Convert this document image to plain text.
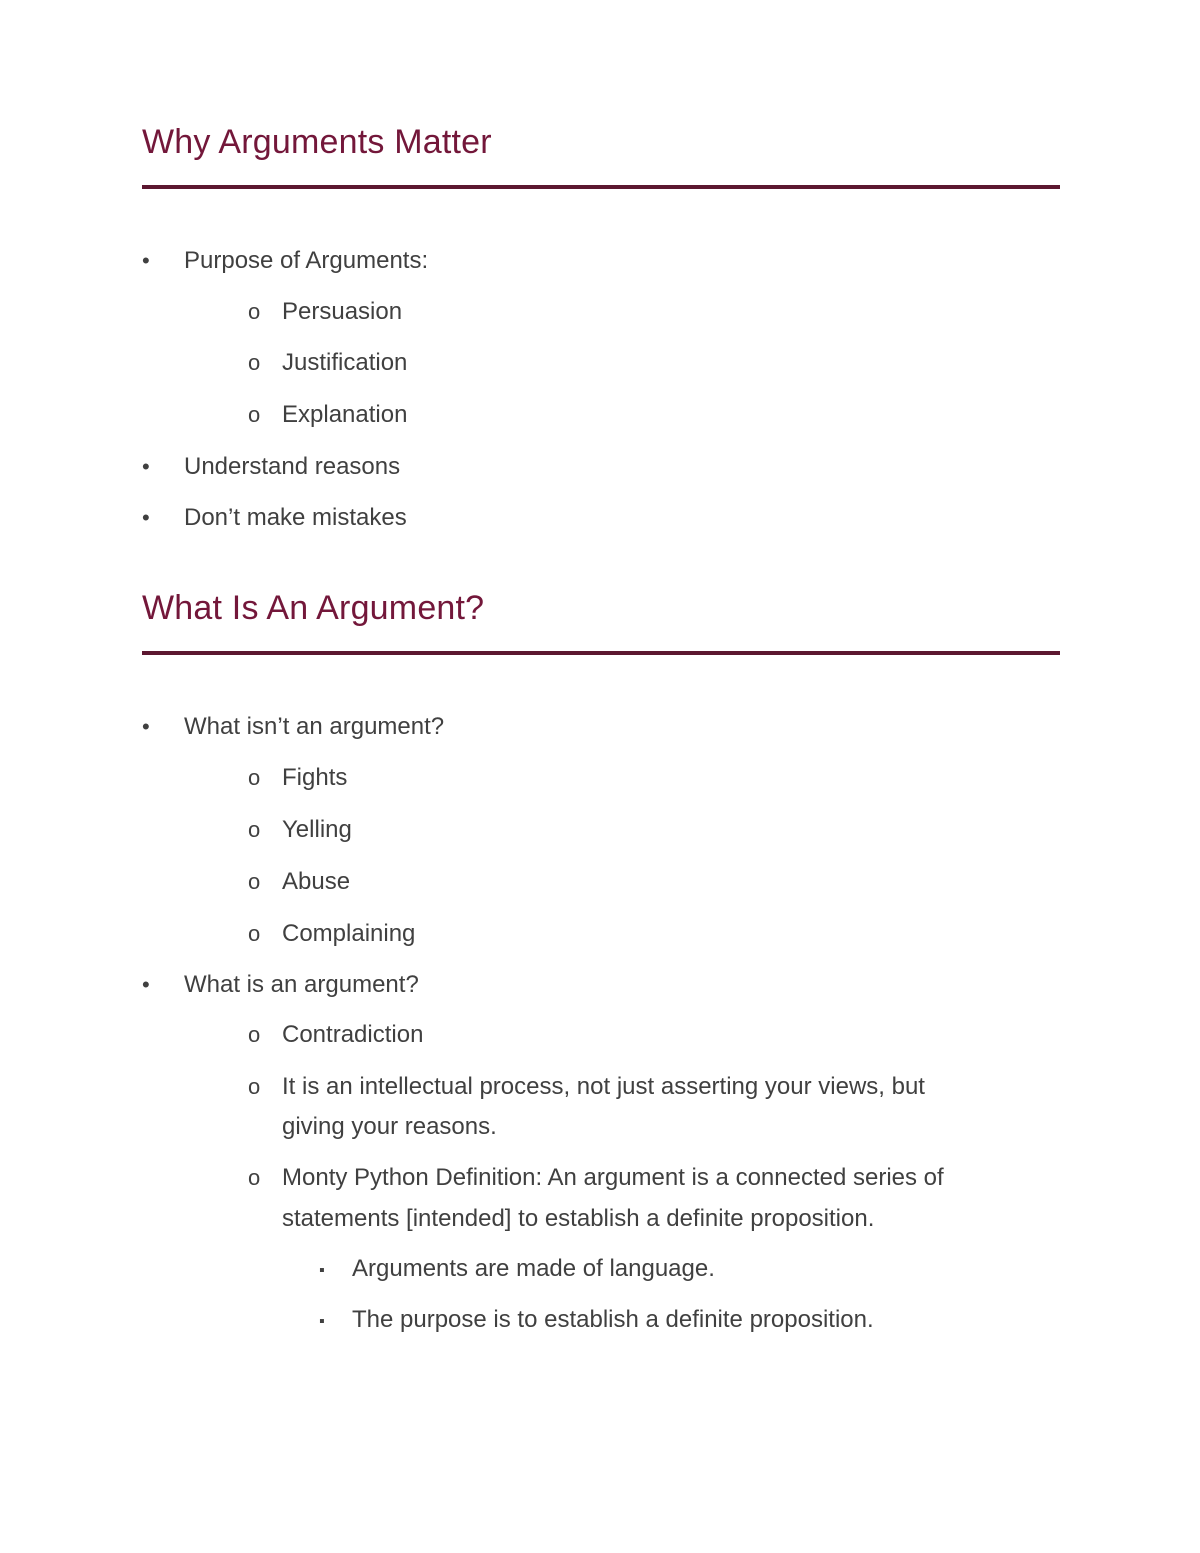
Why Arguments Matter
• Purpose of Arguments:
o Persuasion
o Justification
o Explanation
• Understand reasons
• Don’t make mistakes
What Is An Argument?
• What isn’t an argument?
o Fights
o Yelling
o Abuse
o Complaining
• What is an argument?
o Contradiction
o It is an intellectual process, not just asserting your views, but
giving your reasons.
o Monty Python Definition: An argument is a connected series of
statements [intended] to establish a definite proposition.
▪ Arguments are made of language.
▪ The purpose is to establish a definite proposition.
